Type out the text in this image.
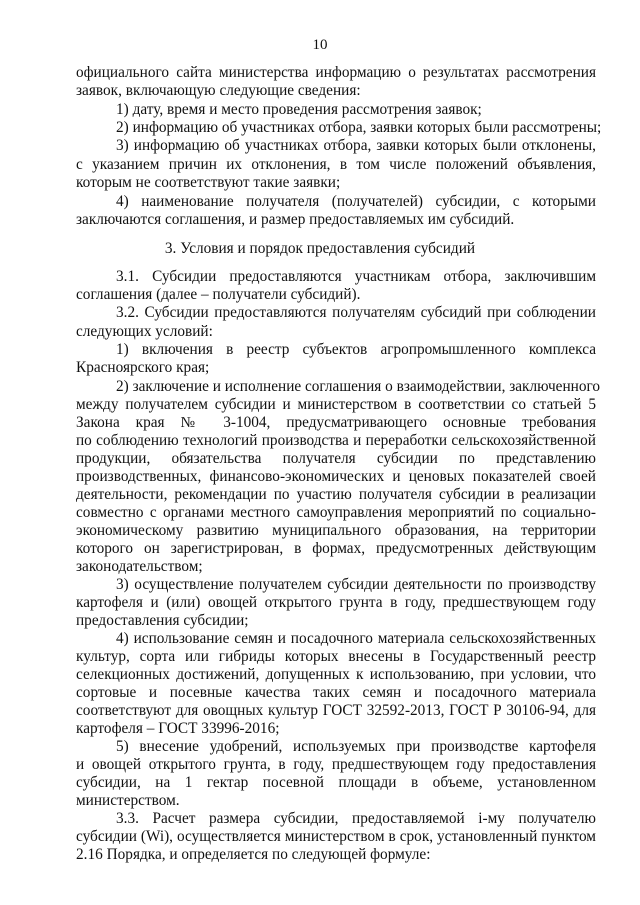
10
официального сайта министерства информацию о результатах рассмотрения
заявок, включающую следующие сведения:
1) дату, время и место проведения рассмотрения заявок;
2) информацию об участниках отбора, заявки которых были рассмотрены;
3) информацию об участниках отбора, заявки которых были отклонены,
с указанием причин их отклонения, в том числе положений объявления,
которым не соответствуют такие заявки;
4) наименование получателя (получателей) субсидии, с которыми
заключаются соглашения, и размер предоставляемых им субсидий.
3. Условия и порядок предоставления субсидий
3.1. Субсидии предоставляются участникам отбора, заключившим
соглашения (далее – получатели субсидий).
3.2. Субсидии предоставляются получателям субсидий при соблюдении
следующих условий:
1) включения в реестр субъектов агропромышленного комплекса
Красноярского края;
2) заключение и исполнение соглашения о взаимодействии, заключенного
между получателем субсидии и министерством в соответствии со статьей 5
Закона края № 3-1004, предусматривающего основные требования
по соблюдению технологий производства и переработки сельскохозяйственной
продукции, обязательства получателя субсидии по представлению
производственных, финансово-экономических и ценовых показателей своей
деятельности, рекомендации по участию получателя субсидии в реализации
совместно с органами местного самоуправления мероприятий по социально-
экономическому развитию муниципального образования, на территории
которого он зарегистрирован, в формах, предусмотренных действующим
законодательством;
3) осуществление получателем субсидии деятельности по производству
картофеля и (или) овощей открытого грунта в году, предшествующем году
предоставления субсидии;
4) использование семян и посадочного материала сельскохозяйственных
культур, сорта или гибриды которых внесены в Государственный реестр
селекционных достижений, допущенных к использованию, при условии, что
сортовые и посевные качества таких семян и посадочного материала
соответствуют для овощных культур ГОСТ 32592-2013, ГОСТ Р 30106-94, для
картофеля – ГОСТ 33996-2016;
5) внесение удобрений, используемых при производстве картофеля
и овощей открытого грунта, в году, предшествующем году предоставления
субсидии, на 1 гектар посевной площади в объеме, установленном
министерством.
3.3. Расчет размера субсидии, предоставляемой i-му получателю
субсидии (Wi), осуществляется министерством в срок, установленный пунктом
2.16 Порядка, и определяется по следующей формуле:
